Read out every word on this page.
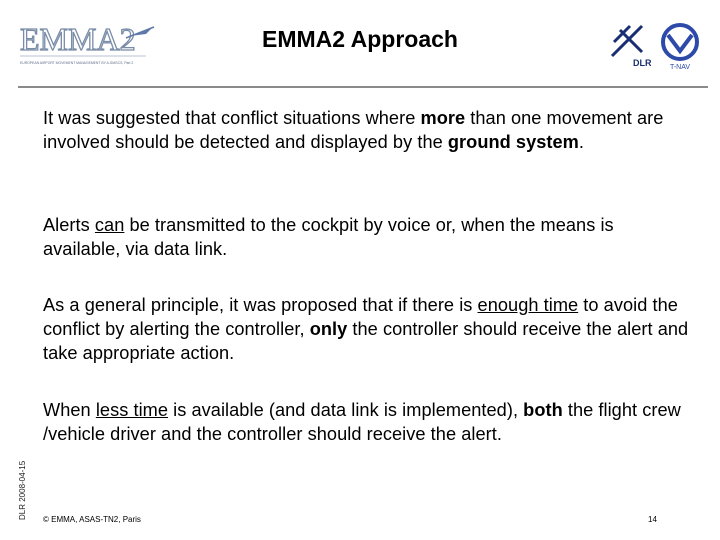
EMMA2
EUROPEAN AIRPORT MOVEMENT MANAGEMENT BY A-SMGCS, Part 2
EMMA2 Approach
DLR	T-NAV
It was suggested that conflict situations where more than one movement are involved should be detected and displayed by the ground system.
Alerts can be transmitted to the cockpit by voice or, when the means is available, via data link.
As a general principle, it was proposed that if there is enough time to avoid the conflict by alerting the controller, only the controller should receive the alert and take appropriate action.
When less time is available (and data link is implemented), both the flight crew /vehicle driver and the controller should receive the alert.
DLR 2008-04-15 © EMMA, ASAS-TN2, Paris	14
